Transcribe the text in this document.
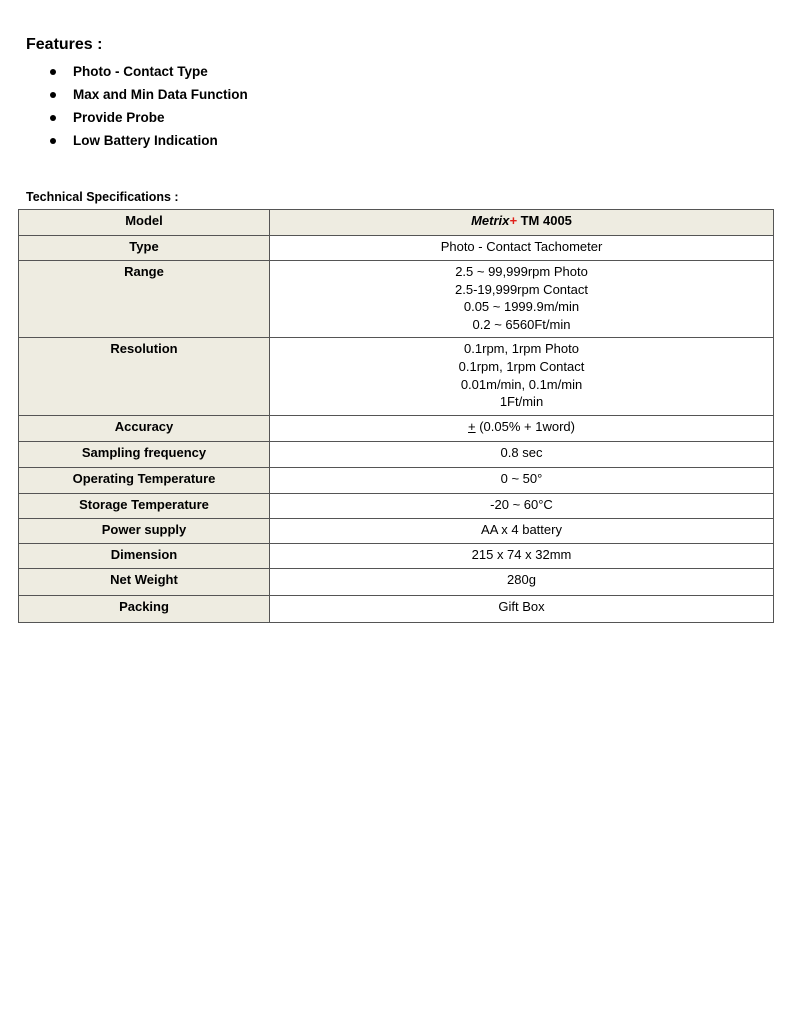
Features :
Photo - Contact Type
Max and Min Data Function
Provide Probe
Low Battery Indication
Technical Specifications :
Model	Metrix+ TM 4005

Type	Photo - Contact Tachometer

Range	2.5 ~ 99,999rpm Photo
2.5-19,999rpm Contact
0.05 ~ 1999.9m/min
0.2 ~ 6560Ft/min

Resolution	0.1rpm, 1rpm Photo
0.1rpm, 1rpm Contact
0.01m/min, 0.1m/min
1Ft/min

Accuracy	+ (0.05% + 1word)

Sampling frequency	0.8 sec

Operating Temperature	0 ~ 50°

Storage Temperature	-20 ~ 60°C

Power supply	AA x 4 battery

Dimension	215 x 74 x 32mm

Net Weight	280g

Packing	Gift Box
